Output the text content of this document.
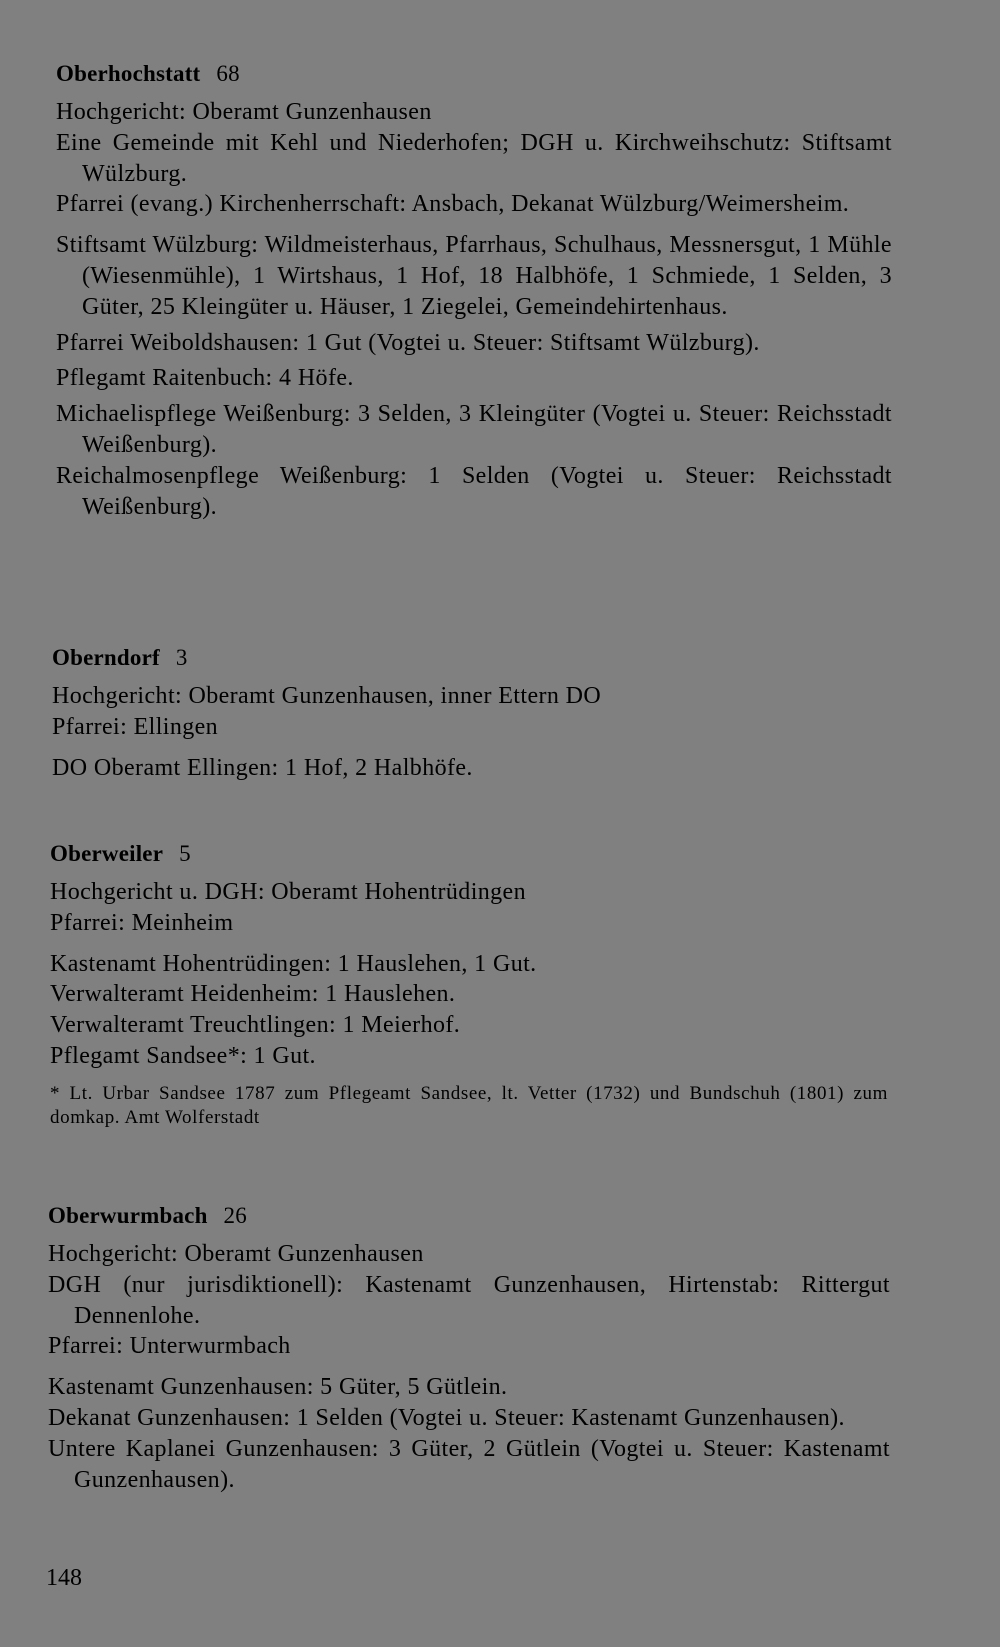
Oberhochstatt 68

Hochgericht: Oberamt Gunzenhausen

Eine Gemeinde mit Kehl und Niederhofen; DGH u. Kirchweihschutz: Stiftsamt Wülzburg.

Pfarrei (evang.) Kirchenherrschaft: Ansbach, Dekanat Wülzburg/Weimersheim.

Stiftsamt Wülzburg: Wildmeisterhaus, Pfarrhaus, Schulhaus, Messnersgut, 1 Mühle (Wiesenmühle), 1 Wirtshaus, 1 Hof, 18 Halbhöfe, 1 Schmiede, 1 Selden, 3 Güter, 25 Kleingüter u. Häuser, 1 Ziegelei, Gemeindehirtenhaus.

Pfarrei Weiboldshausen: 1 Gut (Vogtei u. Steuer: Stiftsamt Wülzburg).

Pflegamt Raitenbuch: 4 Höfe.

Michaelispflege Weißenburg: 3 Selden, 3 Kleingüter (Vogtei u. Steuer: Reichsstadt Weißenburg).

Reichalmosenpflege Weißenburg: 1 Selden (Vogtei u. Steuer: Reichsstadt Weißenburg).

Oberndorf 3

Hochgericht: Oberamt Gunzenhausen, inner Ettern DO

Pfarrei: Ellingen

DO Oberamt Ellingen: 1 Hof, 2 Halbhöfe.

Oberweiler 5

Hochgericht u. DGH: Oberamt Hohentrüdingen

Pfarrei: Meinheim

Kastenamt Hohentrüdingen: 1 Hauslehen, 1 Gut.

Verwalteramt Heidenheim: 1 Hauslehen.

Verwalteramt Treuchtlingen: 1 Meierhof.

Pflegamt Sandsee*: 1 Gut.

* Lt. Urbar Sandsee 1787 zum Pflegeamt Sandsee, lt. Vetter (1732) und Bundschuh (1801) zum domkap. Amt Wolferstadt

Oberwurmbach 26

Hochgericht: Oberamt Gunzenhausen

DGH (nur jurisdiktionell): Kastenamt Gunzenhausen, Hirtenstab: Rittergut Dennenlohe.

Pfarrei: Unterwurmbach

Kastenamt Gunzenhausen: 5 Güter, 5 Gütlein.

Dekanat Gunzenhausen: 1 Selden (Vogtei u. Steuer: Kastenamt Gunzenhausen).

Untere Kaplanei Gunzenhausen: 3 Güter, 2 Gütlein (Vogtei u. Steuer: Kastenamt Gunzenhausen).

148
